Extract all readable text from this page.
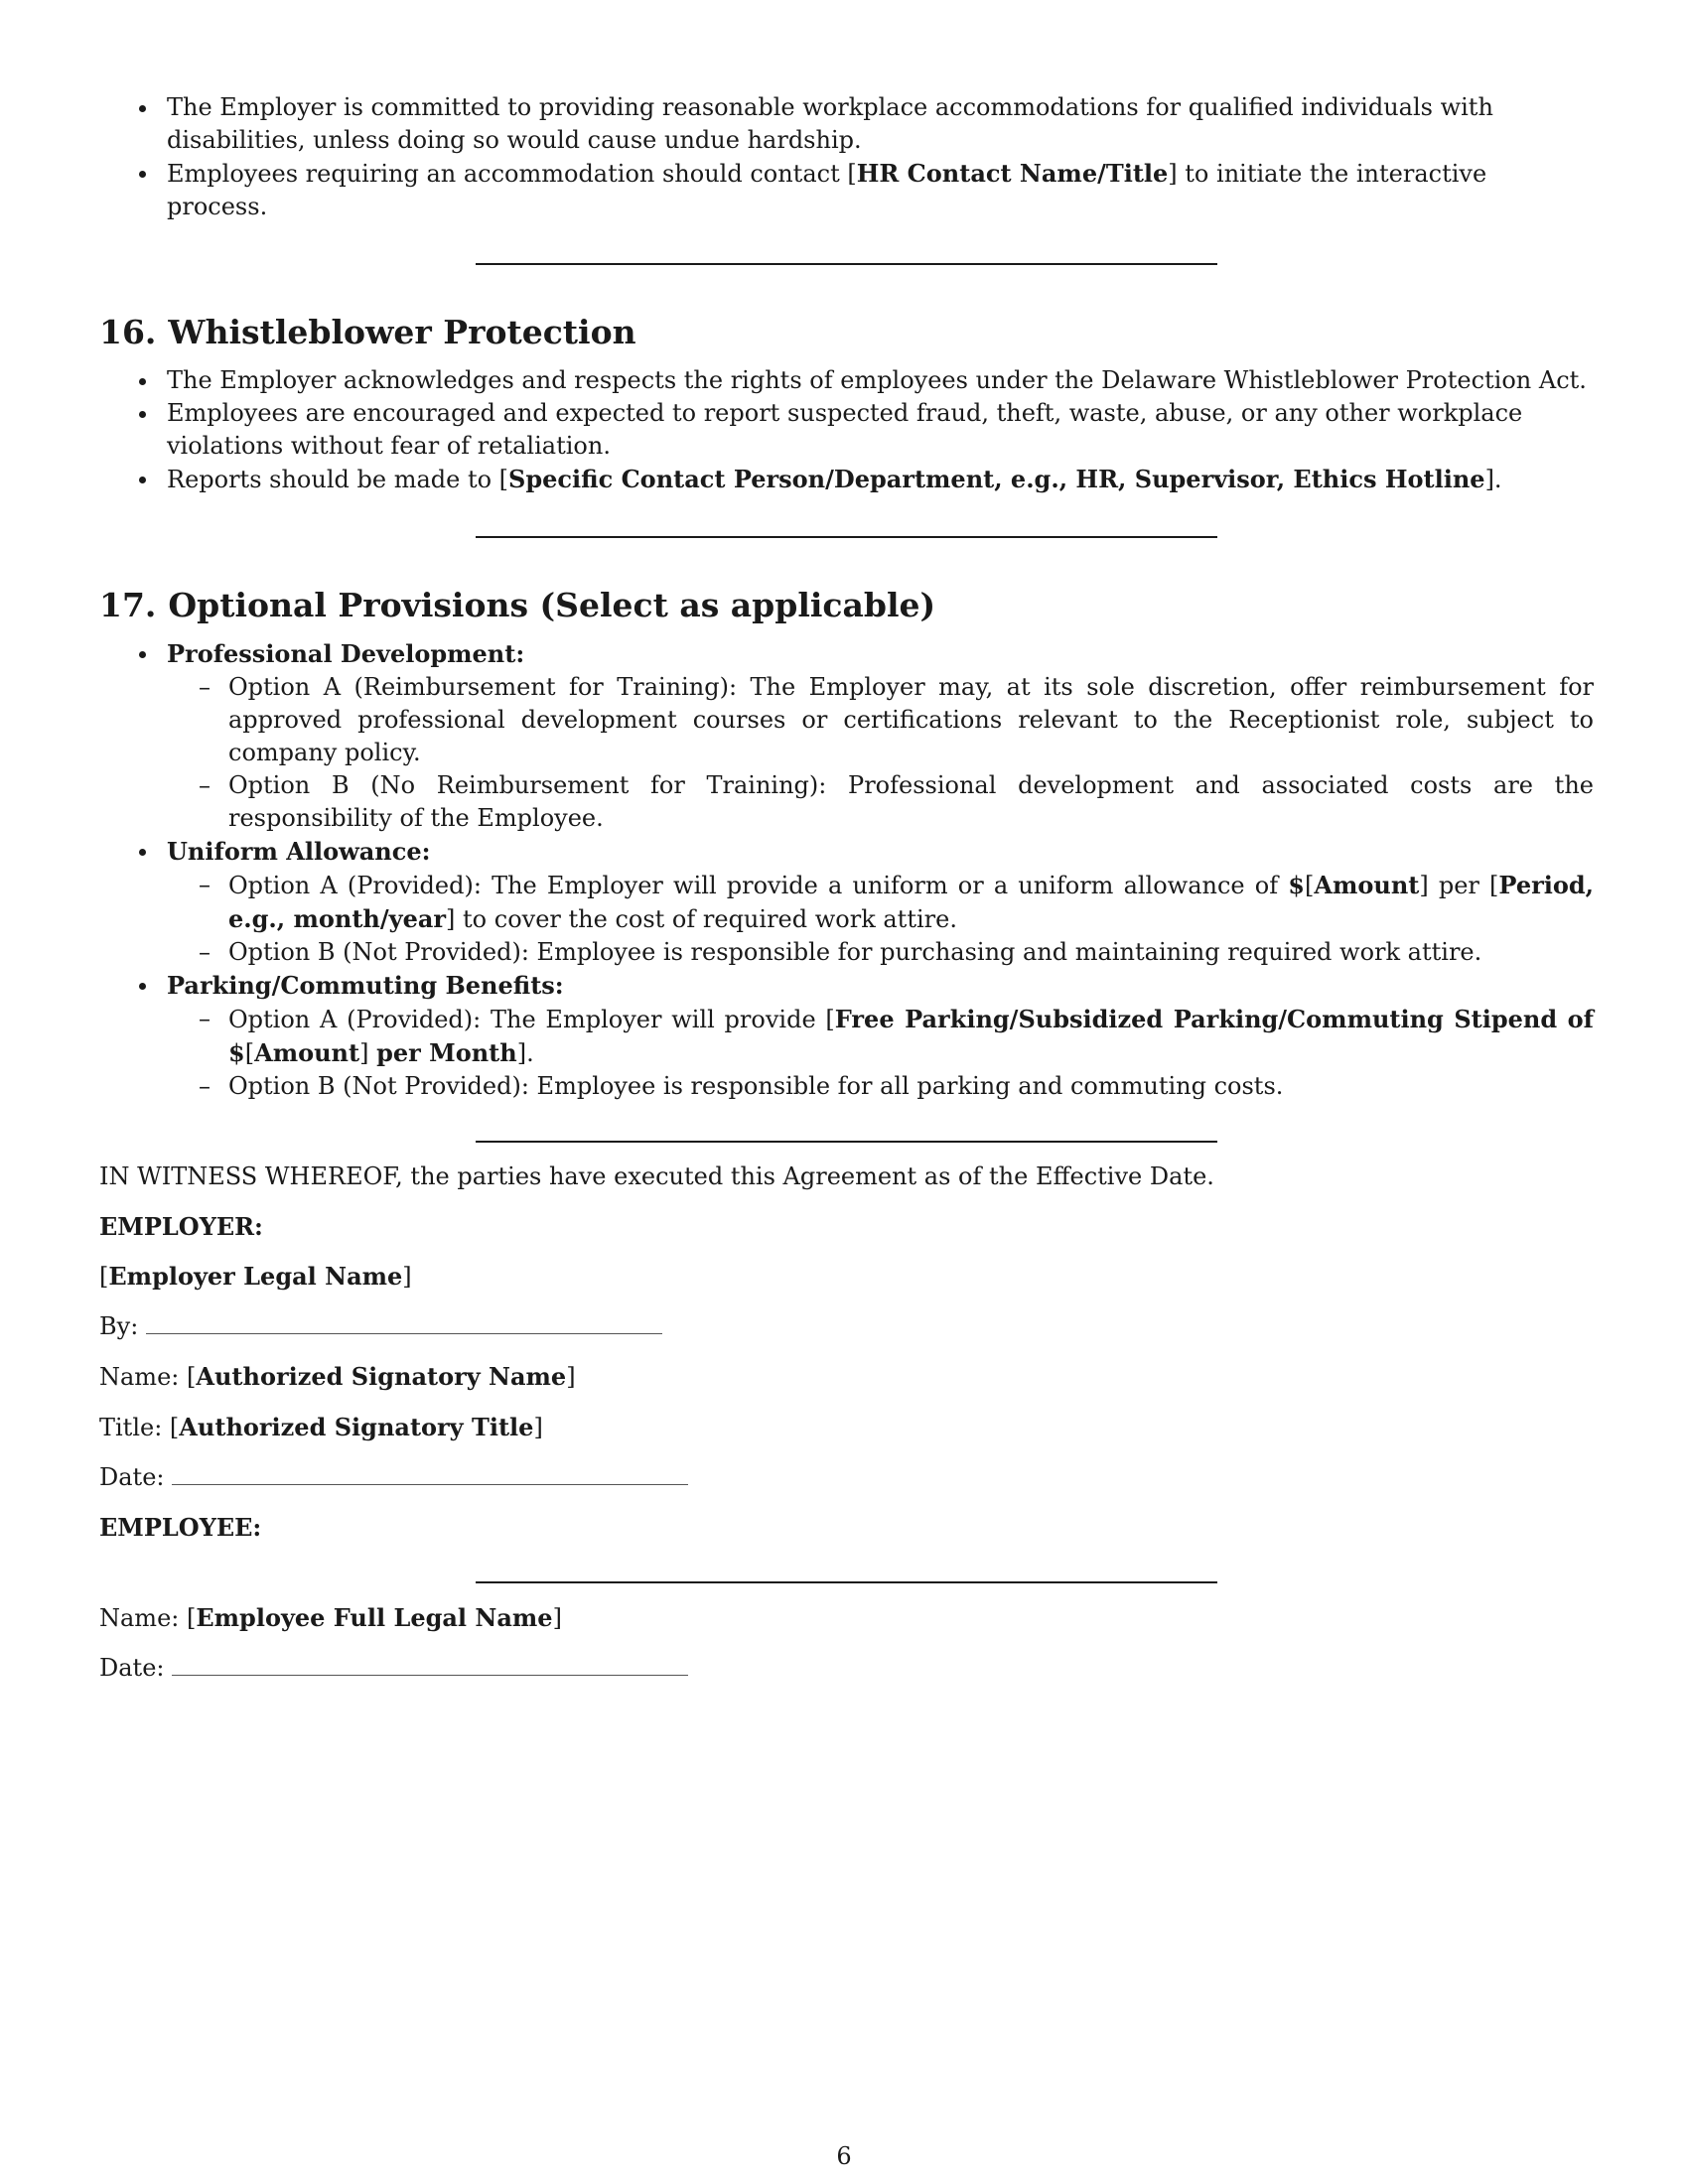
The Employer is committed to providing reasonable workplace accommodations for qualified individuals with disabilities, unless doing so would cause undue hardship.
Employees requiring an accommodation should contact [HR Contact Name/Title] to initiate the interactive process.
16. Whistleblower Protection
The Employer acknowledges and respects the rights of employees under the Delaware Whistleblower Protection Act.
Employees are encouraged and expected to report suspected fraud, theft, waste, abuse, or any other workplace violations without fear of retaliation.
Reports should be made to [Specific Contact Person/Department, e.g., HR, Supervisor, Ethics Hotline].
17. Optional Provisions (Select as applicable)
Professional Development:
– Option A (Reimbursement for Training): The Employer may, at its sole discretion, offer reimbursement for approved professional development courses or certifications relevant to the Receptionist role, subject to company policy.
– Option B (No Reimbursement for Training): Professional development and associated costs are the responsibility of the Employee.
Uniform Allowance:
– Option A (Provided): The Employer will provide a uniform or a uniform allowance of $[Amount] per [Period, e.g., month/year] to cover the cost of required work attire.
– Option B (Not Provided): Employee is responsible for purchasing and maintaining required work attire.
Parking/Commuting Benefits:
– Option A (Provided): The Employer will provide [Free Parking/Subsidized Parking/Commuting Stipend of $[Amount] per Month].
– Option B (Not Provided): Employee is responsible for all parking and commuting costs.

IN WITNESS WHEREOF, the parties have executed this Agreement as of the Effective Date.

EMPLOYER:

[Employer Legal Name]

By:

Name: [Authorized Signatory Name]

Title: [Authorized Signatory Title]

Date:

EMPLOYEE:

Name: [Employee Full Legal Name]

Date:

6
